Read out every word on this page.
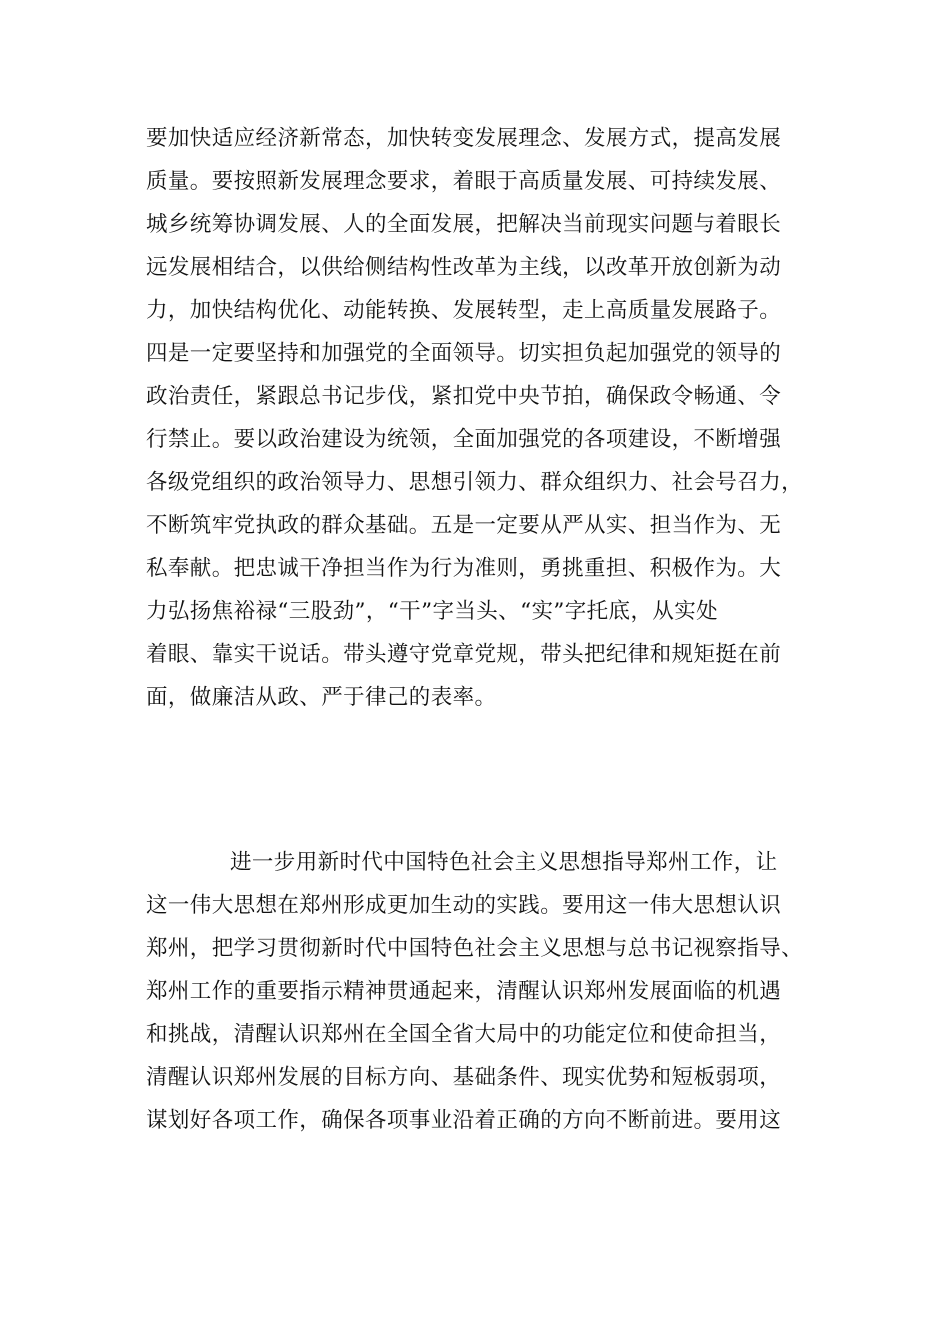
要加快适应经济新常态，加快转变发展理念、发展方式，提高发展
质量。要按照新发展理念要求，着眼于高质量发展、可持续发展、
城乡统筹协调发展、人的全面发展，把解决当前现实问题与着眼长
远发展相结合，以供给侧结构性改革为主线，以改革开放创新为动
力，加快结构优化、动能转换、发展转型，走上高质量发展路子。
四是一定要坚持和加强党的全面领导。切实担负起加强党的领导的
政治责任，紧跟总书记步伐，紧扣党中央节拍，确保政令畅通、令
行禁止。要以政治建设为统领，全面加强党的各项建设，不断增强
各级党组织的政治领导力、思想引领力、群众组织力、社会号召力，
不断筑牢党执政的群众基础。五是一定要从严从实、担当作为、无
私奉献。把忠诚干净担当作为行为准则，勇挑重担、积极作为。大
力弘扬焦裕禄“三股劲”，“干”字当头、“实”字托底，从实处
着眼、靠实干说话。带头遵守党章党规，带头把纪律和规矩挺在前
面，做廉洁从政、严于律己的表率。
进一步用新时代中国特色社会主义思想指导郑州工作，让
这一伟大思想在郑州形成更加生动的实践。要用这一伟大思想认识
郑州，把学习贯彻新时代中国特色社会主义思想与总书记视察指导、
郑州工作的重要指示精神贯通起来，清醒认识郑州发展面临的机遇
和挑战，清醒认识郑州在全国全省大局中的功能定位和使命担当，
清醒认识郑州发展的目标方向、基础条件、现实优势和短板弱项，
谋划好各项工作，确保各项事业沿着正确的方向不断前进。要用这
